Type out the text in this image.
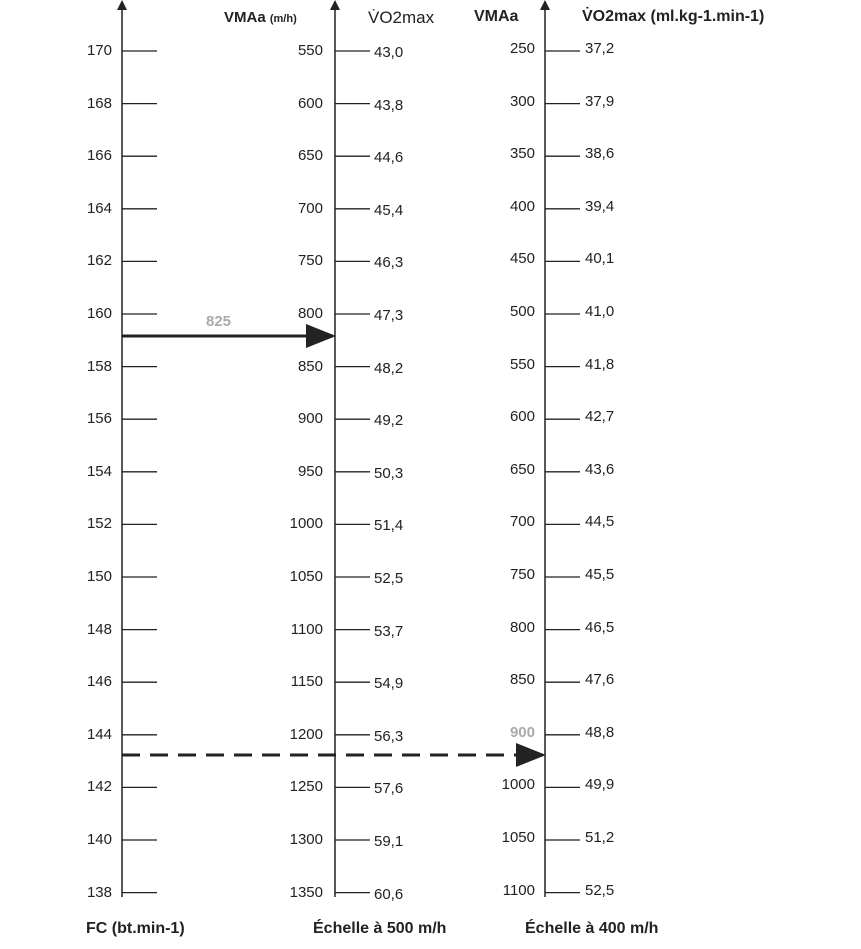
VMAa (m/h)	V̇O2max VMAa	V̇O2max (ml.kg-1.min-1)
FC (bt.min-1)	Échelle à 500 m/h	Échelle à 400 m/h
825
170	550	43,0	250	37,2
168	600	43,8	300	37,9
166	650	44,6	350	38,6
164	700	45,4	400	39,4
162	750	46,3	450	40,1
160	800	47,3	500	41,0
158	850	48,2	550	41,8
156	900	49,2	600	42,7
154	950	50,3	650	43,6
152	1000	51,4	700	44,5
150	1050	52,5	750	45,5
148	1100	53,7	800	46,5
146	1150	54,9	850	47,6
144	1200	56,3	900	48,8
142	1250	57,6	1000	49,9
140	1300	59,1	1050	51,2
138	1350	60,6	1100	52,5
